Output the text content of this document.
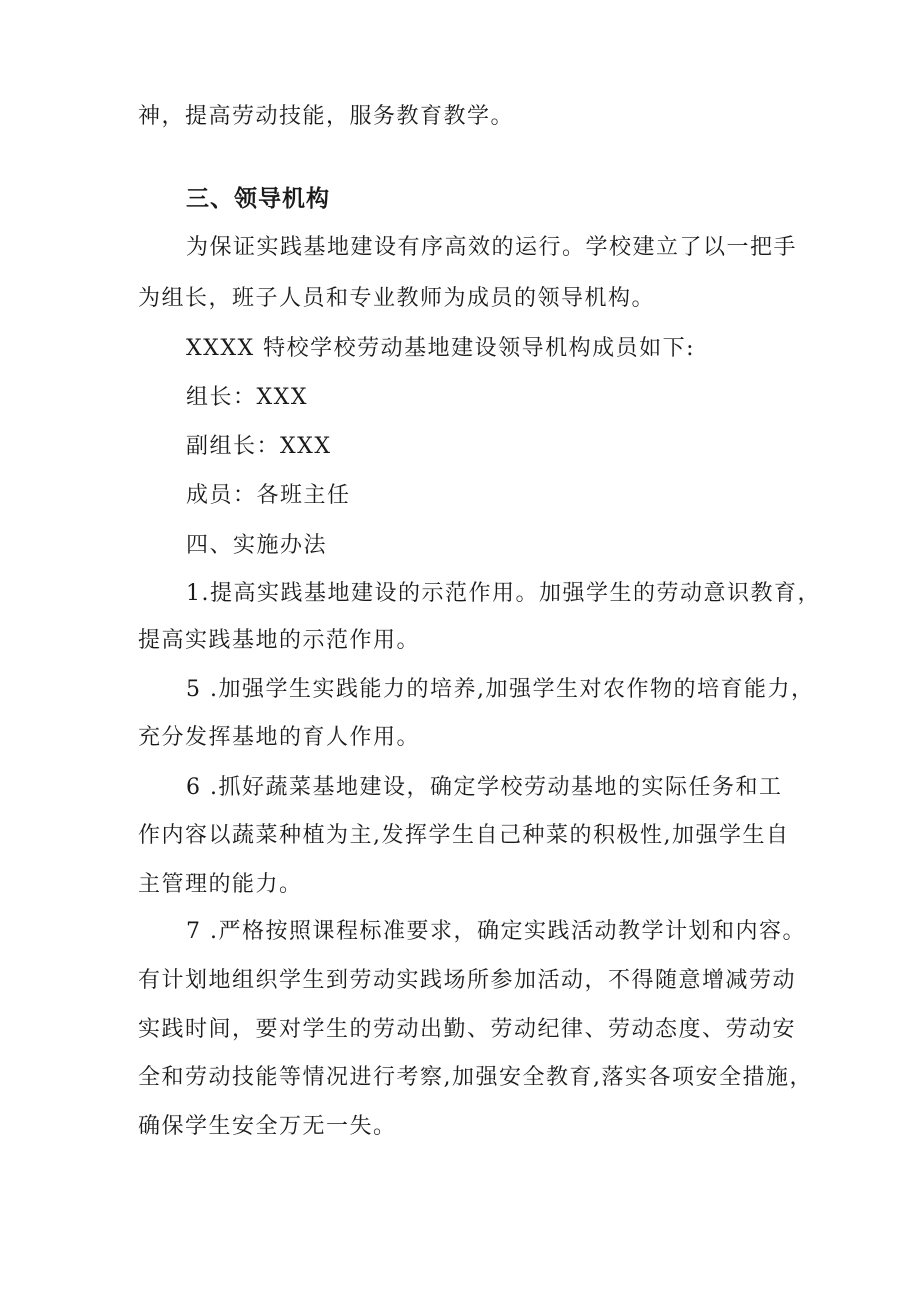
神，提高劳动技能，服务教育教学。
三、领导机构
为保证实践基地建设有序高效的运行。学校建立了以一把手
为组长，班子人员和专业教师为成员的领导机构。
XXXX 特校学校劳动基地建设领导机构成员如下:
组长：XXX
副组长：XXX
成员：各班主任
四、实施办法
1.提高实践基地建设的示范作用。加强学生的劳动意识教育，
提高实践基地的示范作用。
5 .加强学生实践能力的培养,加强学生对农作物的培育能力，
充分发挥基地的育人作用。
6 .抓好蔬菜基地建设，确定学校劳动基地的实际任务和工
作内容以蔬菜种植为主,发挥学生自己种菜的积极性,加强学生自
主管理的能力。
7 .严格按照课程标准要求，确定实践活动教学计划和内容。
有计划地组织学生到劳动实践场所参加活动，不得随意增减劳动
实践时间，要对学生的劳动出勤、劳动纪律、劳动态度、劳动安
全和劳动技能等情况进行考察,加强安全教育,落实各项安全措施，
确保学生安全万无一失。
